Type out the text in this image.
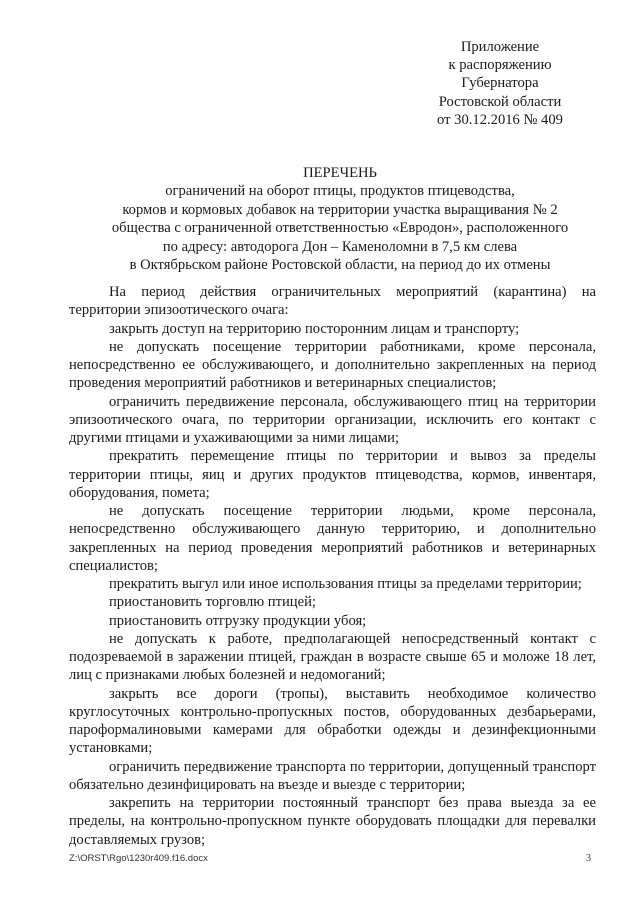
Приложение
к распоряжению
Губернатора
Ростовской области
от 30.12.2016 № 409
ПЕРЕЧЕНЬ
ограничений на оборот птицы, продуктов птицеводства,
кормов и кормовых добавок на территории участка выращивания № 2
общества с ограниченной ответственностью «Евродон», расположенного
по адресу: автодорога Дон – Каменоломни в 7,5 км слева
в Октябрьском районе Ростовской области, на период до их отмены

На период действия ограничительных мероприятий (карантина) на территории эпизоотического очага:

закрыть доступ на территорию посторонним лицам и транспорту;

не допускать посещение территории работниками, кроме персонала, непосредственно ее обслуживающего, и дополнительно закрепленных на период проведения мероприятий работников и ветеринарных специалистов;

ограничить передвижение персонала, обслуживающего птиц на территории эпизоотического очага, по территории организации, исключить его контакт с другими птицами и ухаживающими за ними лицами;

прекратить перемещение птицы по территории и вывоз за пределы территории птицы, яиц и других продуктов птицеводства, кормов, инвентаря, оборудования, помета;

не допускать посещение территории людьми, кроме персонала, непосредственно обслуживающего данную территорию, и дополнительно закрепленных на период проведения мероприятий работников и ветеринарных специалистов;

прекратить выгул или иное использования птицы за пределами территории;

приостановить торговлю птицей;

приостановить отгрузку продукции убоя;

не допускать к работе, предполагающей непосредственный контакт с подозреваемой в заражении птицей, граждан в возрасте свыше 65 и моложе 18 лет, лиц с признаками любых болезней и недомоганий;

закрыть все дороги (тропы), выставить необходимое количество круглосуточных контрольно-пропускных постов, оборудованных дезбарьерами, пароформалиновыми камерами для обработки одежды и дезинфекционными установками;

ограничить передвижение транспорта по территории, допущенный транспорт обязательно дезинфицировать на въезде и выезде с территории;

закрепить на территории постоянный транспорт без права выезда за ее пределы, на контрольно-пропускном пункте оборудовать площадки для перевалки доставляемых грузов;

Z:\ORST\Rgo\1230r409.f16.docx	3
